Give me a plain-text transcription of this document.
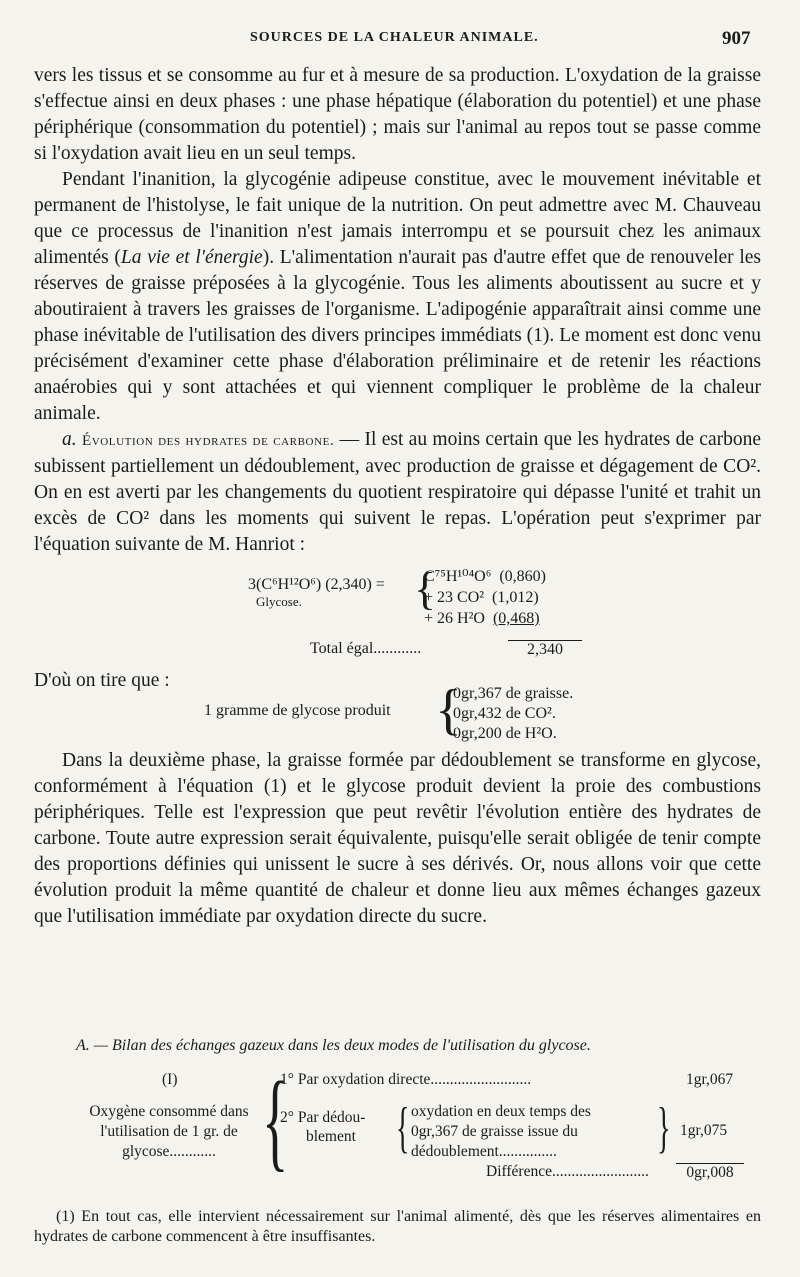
SOURCES DE LA CHALEUR ANIMALE.	907

vers les tissus et se consomme au fur et à mesure de sa production. L'oxydation de la graisse s'effectue ainsi en deux phases : une phase hépatique (élaboration du potentiel) et une phase périphérique (consommation du potentiel) ; mais sur l'animal au repos tout se passe comme si l'oxydation avait lieu en un seul temps.

Pendant l'inanition, la glycogénie adipeuse constitue, avec le mouvement inévitable et permanent de l'histolyse, le fait unique de la nutrition. On peut admettre avec M. Chauveau que ce processus de l'inanition n'est jamais interrompu et se poursuit chez les animaux alimentés (La vie et l'énergie). L'alimentation n'aurait pas d'autre effet que de renouveler les réserves de graisse préposées à la glycogénie. Tous les aliments aboutissent au sucre et y aboutiraient à travers les graisses de l'organisme. L'adipogénie apparaîtrait ainsi comme une phase inévitable de l'utilisation des divers principes immédiats (1). Le moment est donc venu précisément d'examiner cette phase d'élaboration préliminaire et de retenir les réactions anaérobies qui y sont attachées et qui viennent compliquer le problème de la chaleur animale.

a. Évolution des hydrates de carbone. — Il est au moins certain que les hydrates de carbone subissent partiellement un dédoublement, avec production de graisse et dégagement de CO². On en est averti par les changements du quotient respiratoire qui dépasse l'unité et trahit un excès de CO² dans les moments qui suivent le repas. L'opération peut s'exprimer par l'équation suivante de M. Hanriot :

3(C⁶H¹²O⁶) (2,340) =
Glycose.	{
C⁷⁵H¹⁰⁴O⁶ (0,860)
+ 23 CO² (1,012)
+ 26 H²O (0,468)
Total égal............	2,340

D'où on tire que :

1 gramme de glycose produit {
0gr,367 de graisse.
0gr,432 de CO².
0gr,200 de H²O.

Dans la deuxième phase, la graisse formée par dédoublement se transforme en glycose, conformément à l'équation (1) et le glycose produit devient la proie des combustions périphériques. Telle est l'expression que peut revêtir l'évolution entière des hydrates de carbone. Toute autre expression serait équivalente, puisqu'elle serait obligée de tenir compte des proportions définies qui unissent le sucre à ses dérivés. Or, nous allons voir que cette évolution produit la même quantité de chaleur et donne lieu aux mêmes échanges gazeux que l'utilisation immédiate par oxydation directe du sucre.

A. — Bilan des échanges gazeux dans les deux modes de l'utilisation du glycose.
(I)
Oxygène consommé dans
l'utilisation de 1 gr. de
glycose............ {
1° Par oxydation directe..........................	1gr,067
2° Par dédou-
blement { oxydation en deux temps des
0gr,367 de graisse issue du
dédoublement...............	} 1gr,075
Différence.........................	0gr,008
(1) En tout cas, elle intervient nécessairement sur l'animal alimenté, dès que les réserves alimentaires en hydrates de carbone commencent à être insuffisantes.
